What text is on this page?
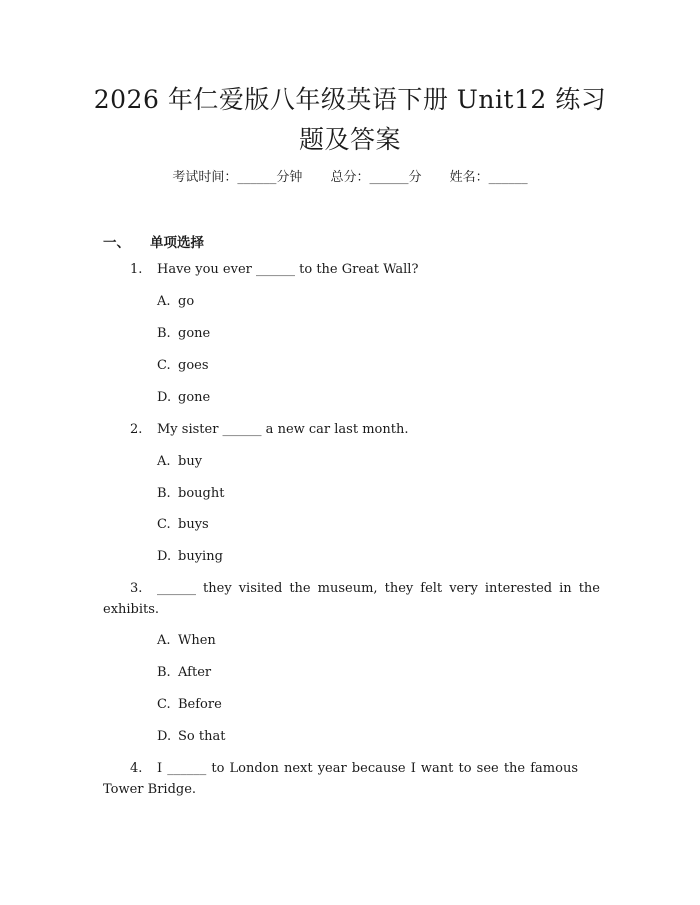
2026 年仁爱版八年级英语下册 Unit12 练习
题及答案
考试时间：______分钟 总分：______分 姓名：______
一、 单项选择
1. Have you ever ______ to the Great Wall?
A. go
B. gone
C. goes
D. gone
2. My sister ______ a new car last month.
A. buy
B. bought
C. buys
D. buying
3. ______ they visited the museum, they felt very interested in the
exhibits.
A. When
B. After
C. Before
D. So that
4. I ______ to London next year because I want to see the famous
Tower Bridge.
